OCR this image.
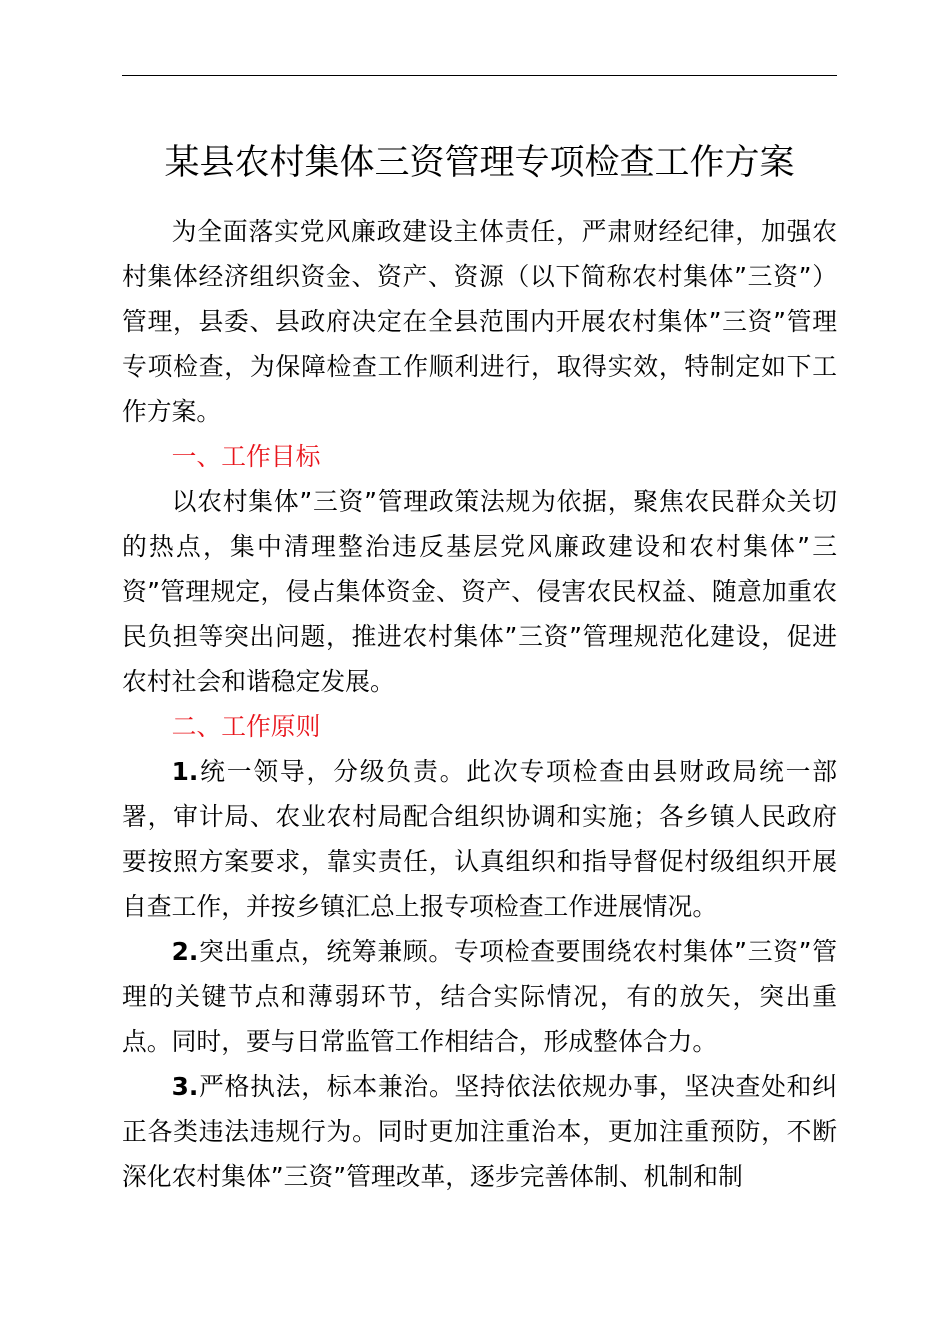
某县农村集体三资管理专项检查工作方案

为全面落实党风廉政建设主体责任，严肃财经纪律，加强农村集体经济组织资金、资产、资源（以下简称农村集体”三资”）管理，县委、县政府决定在全县范围内开展农村集体”三资”管理专项检查，为保障检查工作顺利进行，取得实效，特制定如下工作方案。

一、工作目标

以农村集体”三资”管理政策法规为依据，聚焦农民群众关切的热点，集中清理整治违反基层党风廉政建设和农村集体”三资”管理规定，侵占集体资金、资产、侵害农民权益、随意加重农民负担等突出问题，推进农村集体”三资”管理规范化建设，促进农村社会和谐稳定发展。

二、工作原则

1.统一领导，分级负责。此次专项检查由县财政局统一部署，审计局、农业农村局配合组织协调和实施；各乡镇人民政府要按照方案要求，靠实责任，认真组织和指导督促村级组织开展自查工作，并按乡镇汇总上报专项检查工作进展情况。

2.突出重点，统筹兼顾。专项检查要围绕农村集体”三资”管理的关键节点和薄弱环节，结合实际情况，有的放矢，突出重点。同时，要与日常监管工作相结合，形成整体合力。

3.严格执法，标本兼治。坚持依法依规办事，坚决查处和纠正各类违法违规行为。同时更加注重治本，更加注重预防，不断深化农村集体”三资”管理改革，逐步完善体制、机制和制
